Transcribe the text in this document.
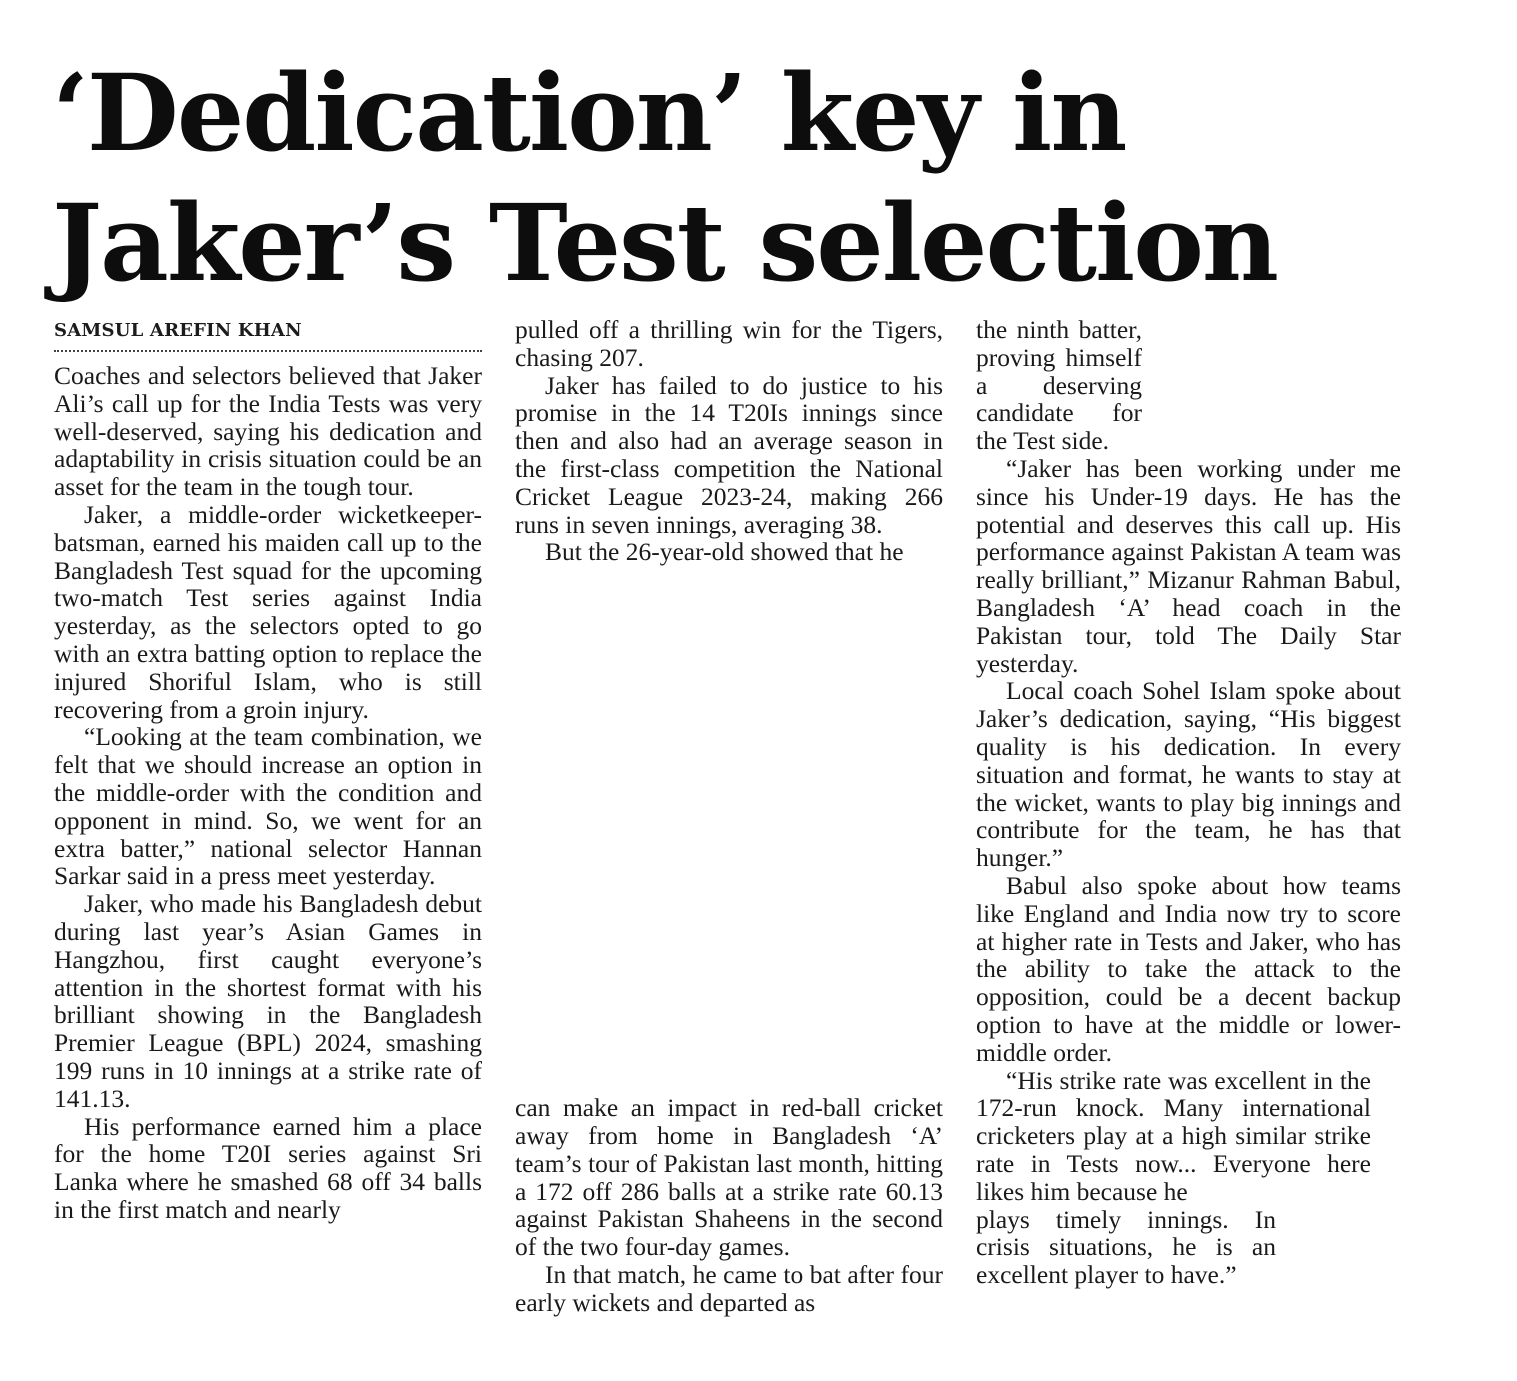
‘Dedication’ key in
Jaker’s Test selection
SAMSUL AREFIN KHAN

Coaches and selectors believed that Jaker Ali’s call up for the India Tests was very well-deserved, saying his dedication and adaptability in crisis situation could be an asset for the team in the tough tour.

Jaker, a middle-order wicketkeeper-batsman, earned his maiden call up to the Bangladesh Test squad for the upcoming two-match Test series against India yesterday, as the selectors opted to go with an extra batting option to replace the injured Shoriful Islam, who is still recovering from a groin injury.

“Looking at the team combination, we felt that we should increase an option in the middle-order with the condition and opponent in mind. So, we went for an extra batter,” national selector Hannan Sarkar said in a press meet yesterday.

Jaker, who made his Bangladesh debut during last year’s Asian Games in Hangzhou, first caught everyone’s attention in the shortest format with his brilliant showing in the Bangladesh Premier League (BPL) 2024, smashing 199 runs in 10 innings at a strike rate of 141.13.

His performance earned him a place for the home T20I series against Sri Lanka where he smashed 68 off 34 balls in the first match and nearly

pulled off a thrilling win for the Tigers, chasing 207.

Jaker has failed to do justice to his promise in the 14 T20Is innings since then and also had an average season in the first-class competition the National Cricket League 2023-24, making 266 runs in seven innings, averaging 38.

But the 26-year-old showed that he

can make an impact in red-ball cricket away from home in Bangladesh ‘A’ team’s tour of Pakistan last month, hitting a 172 off 286 balls at a strike rate 60.13 against Pakistan Shaheens in the second of the two four-day games.

In that match, he came to bat after four early wickets and departed as

the ninth batter, proving himself a deserving candidate for the Test side.

“Jaker has been working under me since his Under-19 days. He has the potential and deserves this call up. His performance against Pakistan A team was really brilliant,” Mizanur Rahman Babul, Bangladesh ‘A’ head coach in the Pakistan tour, told The Daily Star yesterday.

Local coach Sohel Islam spoke about Jaker’s dedication, saying, “His biggest quality is his dedication. In every situation and format, he wants to stay at the wicket, wants to play big innings and contribute for the team, he has that hunger.”

Babul also spoke about how teams like England and India now try to score at higher rate in Tests and Jaker, who has the ability to take the attack to the opposition, could be a decent backup option to have at the middle or lower-middle order.

“His strike rate was excellent in the 172-run knock. Many international cricketers play at a high similar strike rate in Tests now... Everyone here likes him because he

plays timely innings. In crisis situations, he is an excellent player to have.”
